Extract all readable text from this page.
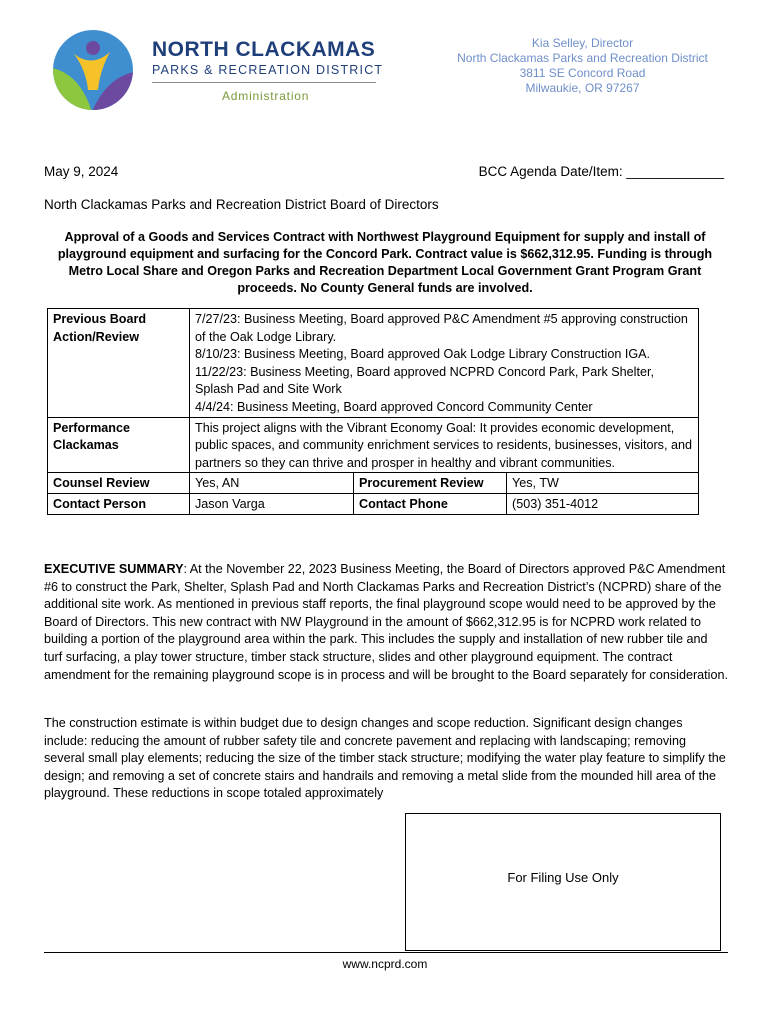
NORTH CLACKAMAS
PARKS & RECREATION DISTRICT
Administration
Kia Selley, Director
North Clackamas Parks and Recreation District
3811 SE Concord Road
Milwaukie, OR 97267
May 9, 2024	BCC Agenda Date/Item: _____________
North Clackamas Parks and Recreation District Board of Directors
Approval of a Goods and Services Contract with Northwest Playground Equipment for supply and install of playground equipment and surfacing for the Concord Park. Contract value is $662,312.95. Funding is through Metro Local Share and Oregon Parks and Recreation Department Local Government Grant Program Grant proceeds. No County General funds are involved.
Previous Board Action/Review	7/27/23: Business Meeting, Board approved P&C Amendment #5 approving construction of the Oak Lodge Library.
8/10/23: Business Meeting, Board approved Oak Lodge Library Construction IGA.
11/22/23: Business Meeting, Board approved NCPRD Concord Park, Park Shelter, Splash Pad and Site Work
4/4/24: Business Meeting, Board approved Concord Community Center		

Performance Clackamas	This project aligns with the Vibrant Economy Goal: It provides economic development, public spaces, and community enrichment services to residents, businesses, visitors, and partners so they can thrive and prosper in healthy and vibrant communities.		
Counsel Review	Yes, AN	Procurement Review	Yes, TW
Contact Person	Jason Varga	Contact Phone	(503) 351-4012
EXECUTIVE SUMMARY: At the November 22, 2023 Business Meeting, the Board of Directors approved P&C Amendment #6 to construct the Park, Shelter, Splash Pad and North Clackamas Parks and Recreation District’s (NCPRD) share of the additional site work. As mentioned in previous staff reports, the final playground scope would need to be approved by the Board of Directors. This new contract with NW Playground in the amount of $662,312.95 is for NCPRD work related to building a portion of the playground area within the park. This includes the supply and installation of new rubber tile and turf surfacing, a play tower structure, timber stack structure, slides and other playground equipment. The contract amendment for the remaining playground scope is in process and will be brought to the Board separately for consideration.
The construction estimate is within budget due to design changes and scope reduction. Significant design changes include: reducing the amount of rubber safety tile and concrete pavement and replacing with landscaping; removing several small play elements; reducing the size of the timber stack structure; modifying the water play feature to simplify the design; and removing a set of concrete stairs and handrails and removing a metal slide from the mounded hill area of the playground. These reductions in scope totaled approximately
For Filing Use Only
www.ncprd.com
